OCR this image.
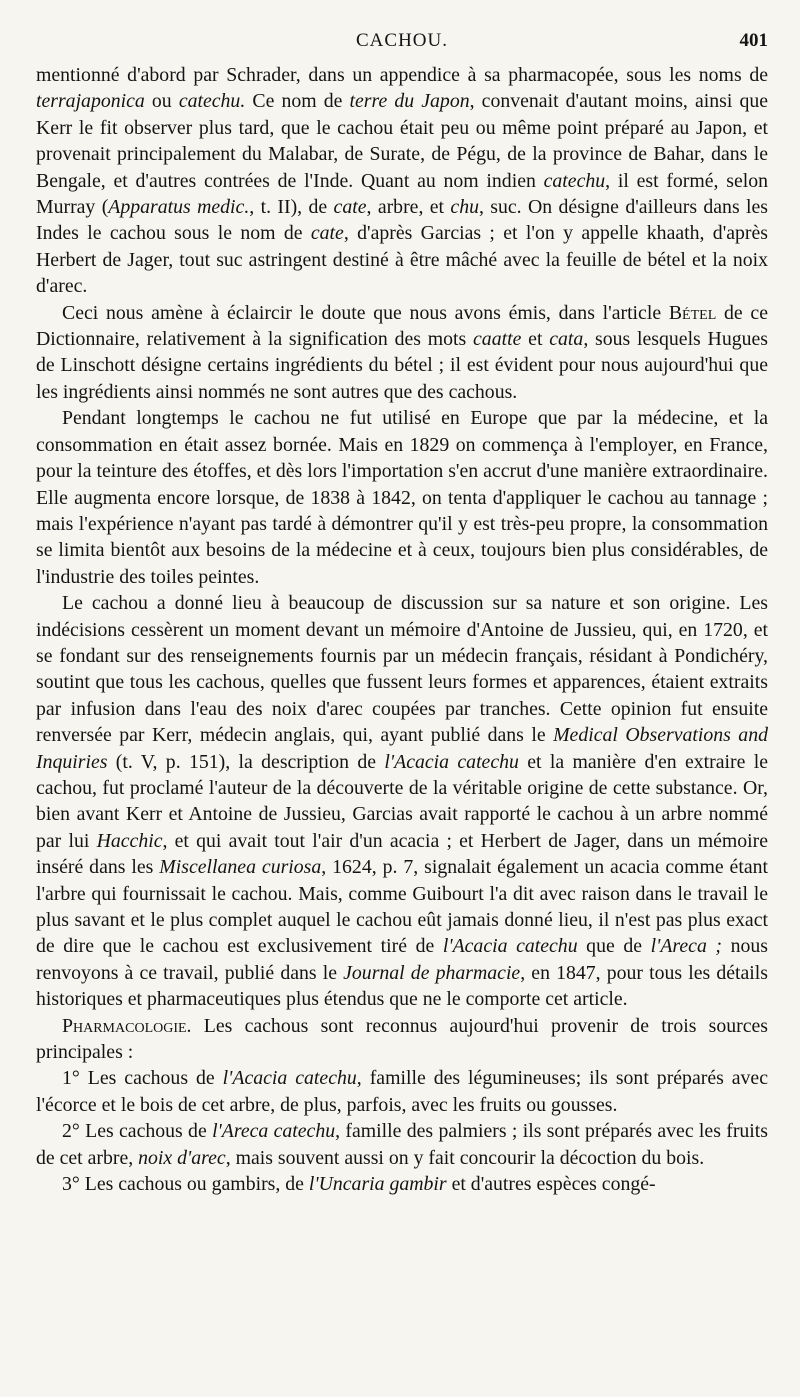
CACHOU.	401

mentionné d'abord par Schrader, dans un appendice à sa pharmacopée, sous les noms de terrajaponica ou catechu. Ce nom de terre du Japon, convenait d'autant moins, ainsi que Kerr le fit observer plus tard, que le cachou était peu ou même point préparé au Japon, et provenait principalement du Malabar, de Surate, de Pégu, de la province de Bahar, dans le Bengale, et d'autres contrées de l'Inde. Quant au nom indien catechu, il est formé, selon Murray (Apparatus medic., t. II), de cate, arbre, et chu, suc. On désigne d'ailleurs dans les Indes le cachou sous le nom de cate, d'après Garcias ; et l'on y appelle khaath, d'après Herbert de Jager, tout suc astringent destiné à être mâché avec la feuille de bétel et la noix d'arec.

Ceci nous amène à éclaircir le doute que nous avons émis, dans l'article Bétel de ce Dictionnaire, relativement à la signification des mots caatte et cata, sous lesquels Hugues de Linschott désigne certains ingrédients du bétel ; il est évident pour nous aujourd'hui que les ingrédients ainsi nommés ne sont autres que des cachous.

Pendant longtemps le cachou ne fut utilisé en Europe que par la médecine, et la consommation en était assez bornée. Mais en 1829 on commença à l'employer, en France, pour la teinture des étoffes, et dès lors l'importation s'en accrut d'une manière extraordinaire. Elle augmenta encore lorsque, de 1838 à 1842, on tenta d'appliquer le cachou au tannage ; mais l'expérience n'ayant pas tardé à démontrer qu'il y est très-peu propre, la consommation se limita bientôt aux besoins de la médecine et à ceux, toujours bien plus considérables, de l'industrie des toiles peintes.

Le cachou a donné lieu à beaucoup de discussion sur sa nature et son origine. Les indécisions cessèrent un moment devant un mémoire d'Antoine de Jussieu, qui, en 1720, et se fondant sur des renseignements fournis par un médecin français, résidant à Pondichéry, soutint que tous les cachous, quelles que fussent leurs formes et apparences, étaient extraits par infusion dans l'eau des noix d'arec coupées par tranches. Cette opinion fut ensuite renversée par Kerr, médecin anglais, qui, ayant publié dans le Medical Observations and Inquiries (t. V, p. 151), la description de l'Acacia catechu et la manière d'en extraire le cachou, fut proclamé l'auteur de la découverte de la véritable origine de cette substance. Or, bien avant Kerr et Antoine de Jussieu, Garcias avait rapporté le cachou à un arbre nommé par lui Hacchic, et qui avait tout l'air d'un acacia ; et Herbert de Jager, dans un mémoire inséré dans les Miscellanea curiosa, 1624, p. 7, signalait également un acacia comme étant l'arbre qui fournissait le cachou. Mais, comme Guibourt l'a dit avec raison dans le travail le plus savant et le plus complet auquel le cachou eût jamais donné lieu, il n'est pas plus exact de dire que le cachou est exclusivement tiré de l'Acacia catechu que de l'Areca ; nous renvoyons à ce travail, publié dans le Journal de pharmacie, en 1847, pour tous les détails historiques et pharmaceutiques plus étendus que ne le comporte cet article.

Pharmacologie. Les cachous sont reconnus aujourd'hui provenir de trois sources principales :

1° Les cachous de l'Acacia catechu, famille des légumineuses; ils sont préparés avec l'écorce et le bois de cet arbre, de plus, parfois, avec les fruits ou gousses.

2° Les cachous de l'Areca catechu, famille des palmiers ; ils sont préparés avec les fruits de cet arbre, noix d'arec, mais souvent aussi on y fait concourir la décoction du bois.

3° Les cachous ou gambirs, de l'Uncaria gambir et d'autres espèces congé-
